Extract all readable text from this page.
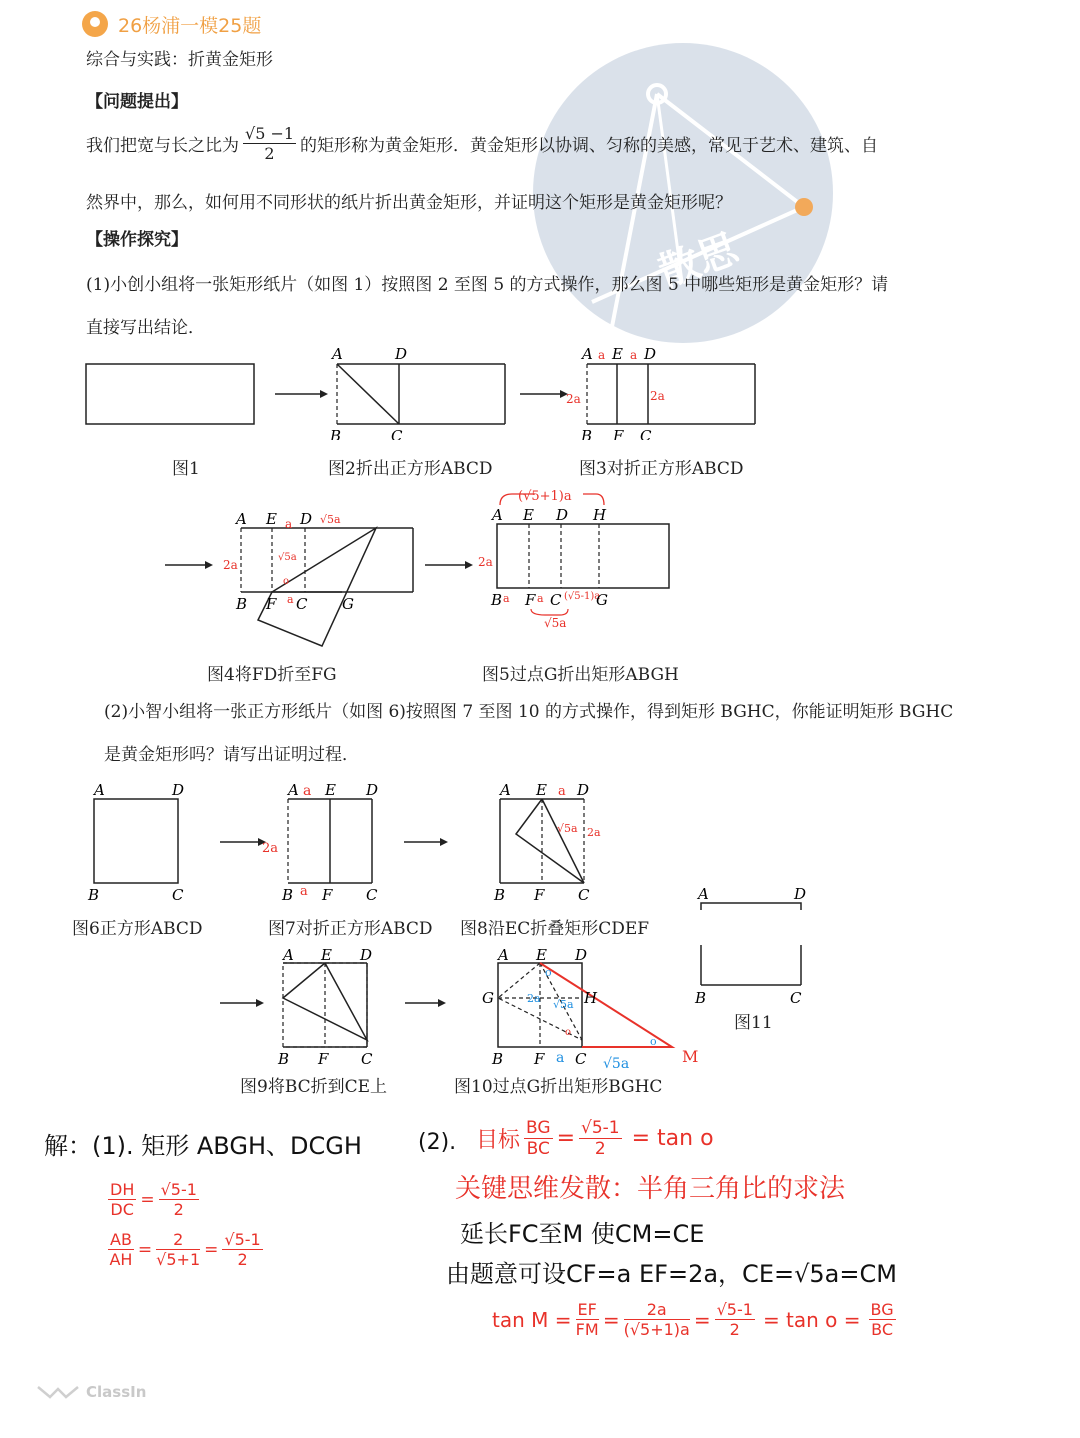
散思
26杨浦一模25题
综合与实践：折黄金矩形
【问题提出】
我们把宽与长之比为 $\frac{√5 -1}{2}$ 的矩形称为黄金矩形．黄金矩形以协调、匀称的美感，常见于艺术、建筑、自
然界中，那么，如何用不同形状的纸片折出黄金矩形，并证明这个矩形是黄金矩形呢？
【操作探究】
(1)小创小组将一张矩形纸片（如图 1）按照图 2 至图 5 的方式操作，那么图 5 中哪些矩形是黄金矩形？请
直接写出结论．
A	D
B	C
A a E a D
2a	2a
B F C
图1	图2折出正方形ABCD	图3对折正方形ABCD
A E a D √5a
2a
√5a
o
B F a C G
(√5+1)a
A E D H
2a
B a F a C (√5-1)a
G
√5a
图4将FD折至FG	图5过点G折出矩形ABGH
(2)小智小组将一张正方形纸片（如图 6)按照图 7 至图 10 的方式操作，得到矩形 BGHC，你能证明矩形 BGHC
是黄金矩形吗？请写出证明过程．
A	D
B	C
A a E D
2a
B a F C
A E a D
√5a 2a
B F C	A	D
图6正方形ABCD	图7对折正方形ABCD 图8沿EC折叠矩形CDEF
B	C
A E D
B F C
A E D
G	H
o
2a √5a
o
o
M
B F a C √5a
图11
图9将BC折到CE上	图10过点G折出矩形BGHC
解：(1). 矩形 ABGH、DCGH
$\frac{DH}{DC} = \frac{√5-1}{2}$
$\frac{AB}{AH} = \frac{2}{√5+1} = \frac{√5-1}{2}$
(2). 目标 $\frac{BG}{BC} = \frac{√5-1}{2} = \tan o$
关键思维发散：半角三角比的求法
延长FC至M 使CM=CE
由题意可设CF=a EF=2a，CE=√5a=CM
$\tan M = \frac{EF}{FM} = \frac{2a}{(√5+1)a} = \frac{√5-1}{2} = \tan o = \frac{BG}{BC}$
ClassIn
